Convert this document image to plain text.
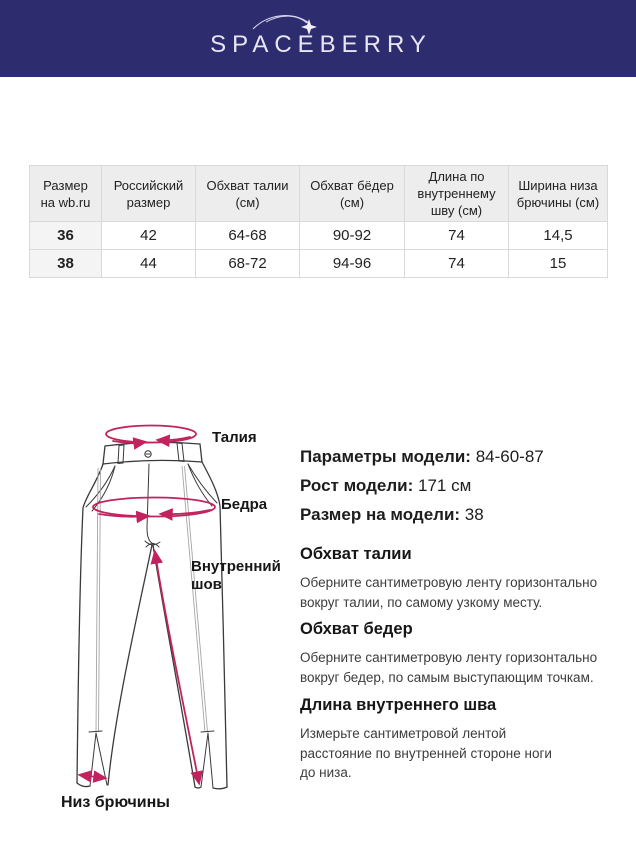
SPACEBERRY
Размер на wb.ru	Российский размер	Обхват талии (см)	Обхват бёдер (см)	Длина по внутреннему шву (см)	Ширина низа брючины (см)
36	42	64-68	90-92	74	14,5
38	44	68-72	94-96	74	15
Талия
Бедра
Внутренний шов
Низ брючины
Параметры модели: 84-60-87
Рост модели: 171 см
Размер на модели: 38

Обхват талии

Оберните сантиметровую ленту горизонтально вокруг талии, по самому узкому месту.

Обхват бедер

Оберните сантиметровую ленту горизонтально вокруг бедер, по самым выступающим точкам.

Длина внутреннего шва

Измерьте сантиметровой лентой расстояние по внутренней стороне ноги до низа.
